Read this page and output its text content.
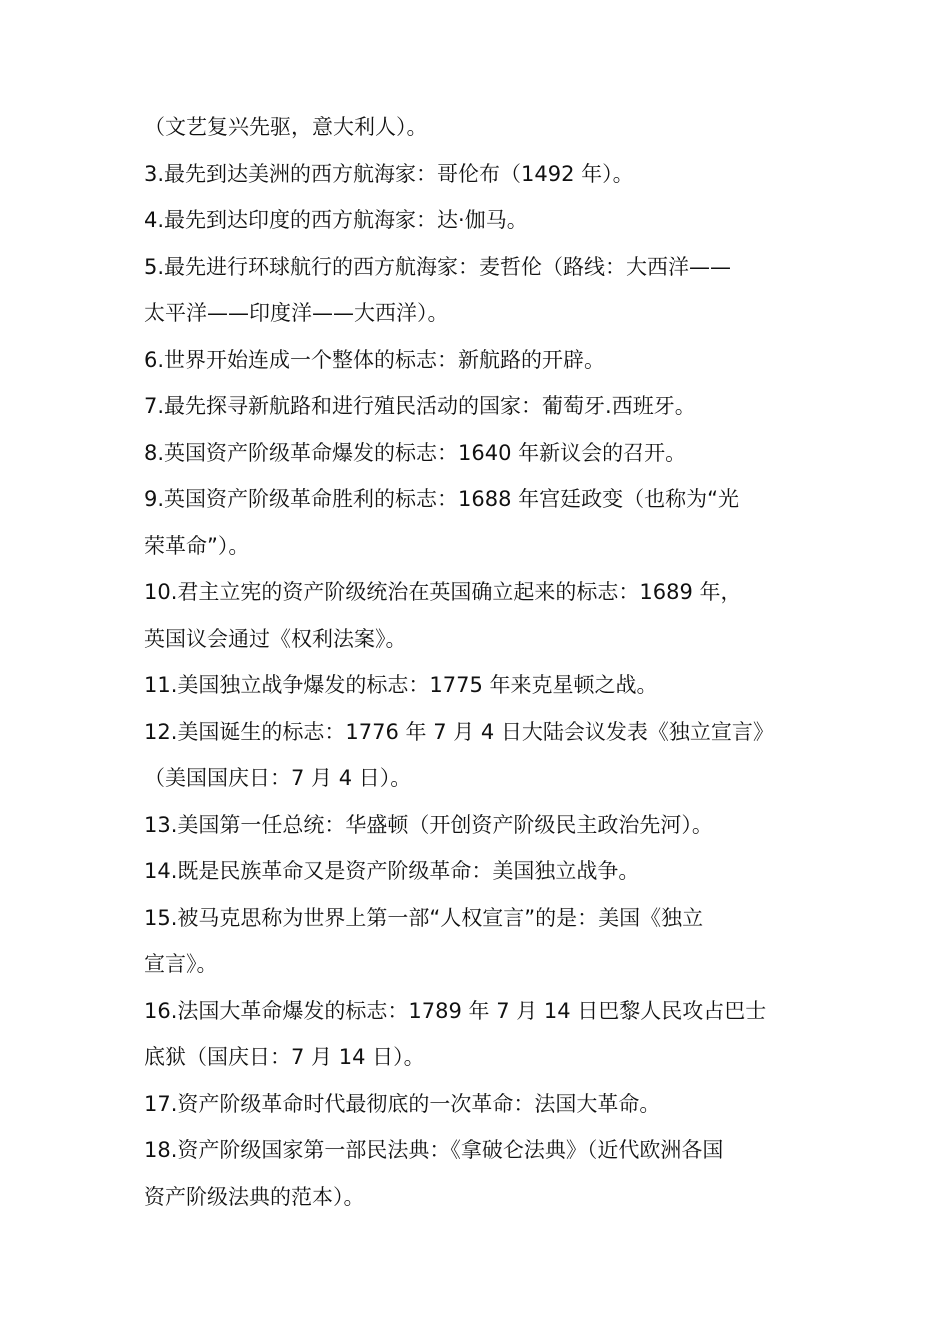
（文艺复兴先驱，意大利人）。
3.最先到达美洲的西方航海家：哥伦布（1492 年）。
4.最先到达印度的西方航海家：达·伽马。
5.最先进行环球航行的西方航海家：麦哲伦（路线：大西洋——
太平洋——印度洋——大西洋）。
6.世界开始连成一个整体的标志：新航路的开辟。
7.最先探寻新航路和进行殖民活动的国家：葡萄牙.西班牙。
8.英国资产阶级革命爆发的标志：1640 年新议会的召开。
9.英国资产阶级革命胜利的标志：1688 年宫廷政变（也称为“光
荣革命”）。
10.君主立宪的资产阶级统治在英国确立起来的标志：1689 年，
英国议会通过《权利法案》。
11.美国独立战争爆发的标志：1775 年来克星顿之战。
12.美国诞生的标志：1776 年 7 月 4 日大陆会议发表《独立宣言》
（美国国庆日：7 月 4 日）。
13.美国第一任总统：华盛顿（开创资产阶级民主政治先河）。
14.既是民族革命又是资产阶级革命：美国独立战争。
15.被马克思称为世界上第一部“人权宣言”的是：美国《独立
宣言》。
16.法国大革命爆发的标志：1789 年 7 月 14 日巴黎人民攻占巴士
底狱（国庆日：7 月 14 日）。
17.资产阶级革命时代最彻底的一次革命：法国大革命。
18.资产阶级国家第一部民法典：《拿破仑法典》（近代欧洲各国
资产阶级法典的范本）。
